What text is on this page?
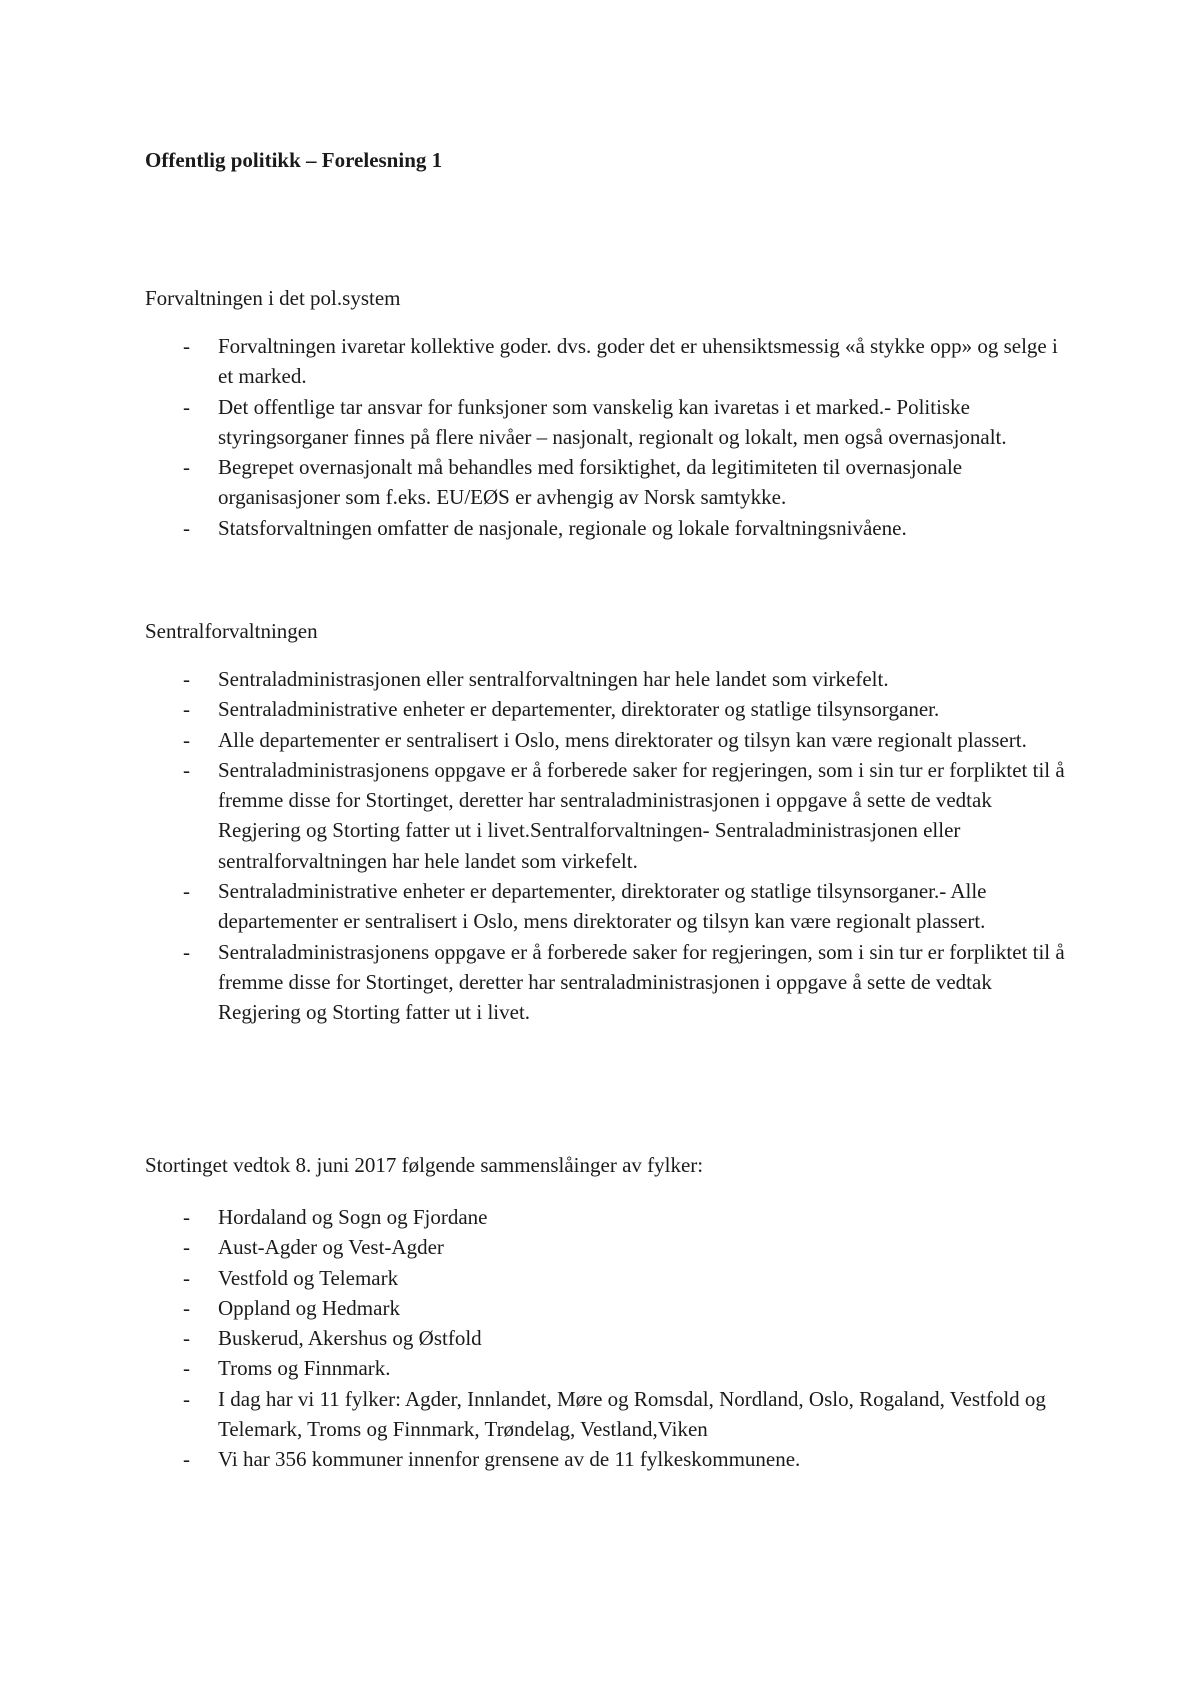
Offentlig politikk – Forelesning 1
Forvaltningen i det pol.system
- Forvaltningen ivaretar kollektive goder. dvs. goder det er uhensiktsmessig «å stykke opp» og selge i et marked.
- Det offentlige tar ansvar for funksjoner som vanskelig kan ivaretas i et marked.- Politiske styringsorganer finnes på flere nivåer – nasjonalt, regionalt og lokalt, men også overnasjonalt.
- Begrepet overnasjonalt må behandles med forsiktighet, da legitimiteten til overnasjonale organisasjoner som f.eks. EU/EØS er avhengig av Norsk samtykke.
- Statsforvaltningen omfatter de nasjonale, regionale og lokale forvaltningsnivåene.
Sentralforvaltningen
- Sentraladministrasjonen eller sentralforvaltningen har hele landet som virkefelt.
- Sentraladministrative enheter er departementer, direktorater og statlige tilsynsorganer.
- Alle departementer er sentralisert i Oslo, mens direktorater og tilsyn kan være regionalt plassert.
- Sentraladministrasjonens oppgave er å forberede saker for regjeringen, som i sin tur er forpliktet til å fremme disse for Stortinget, deretter har sentraladministrasjonen i oppgave å sette de vedtak Regjering og Storting fatter ut i livet.Sentralforvaltningen- Sentraladministrasjonen eller sentralforvaltningen har hele landet som virkefelt.
- Sentraladministrative enheter er departementer, direktorater og statlige tilsynsorganer.- Alle departementer er sentralisert i Oslo, mens direktorater og tilsyn kan være regionalt plassert.
- Sentraladministrasjonens oppgave er å forberede saker for regjeringen, som i sin tur er forpliktet til å fremme disse for Stortinget, deretter har sentraladministrasjonen i oppgave å sette de vedtak Regjering og Storting fatter ut i livet.
Stortinget vedtok 8. juni 2017 følgende sammenslåinger av fylker:
- Hordaland og Sogn og Fjordane
- Aust-Agder og Vest-Agder
- Vestfold og Telemark
- Oppland og Hedmark
- Buskerud, Akershus og Østfold
- Troms og Finnmark.
- I dag har vi 11 fylker: Agder, Innlandet, Møre og Romsdal, Nordland, Oslo, Rogaland, Vestfold og Telemark, Troms og Finnmark, Trøndelag, Vestland,Viken
- Vi har 356 kommuner innenfor grensene av de 11 fylkeskommunene.
